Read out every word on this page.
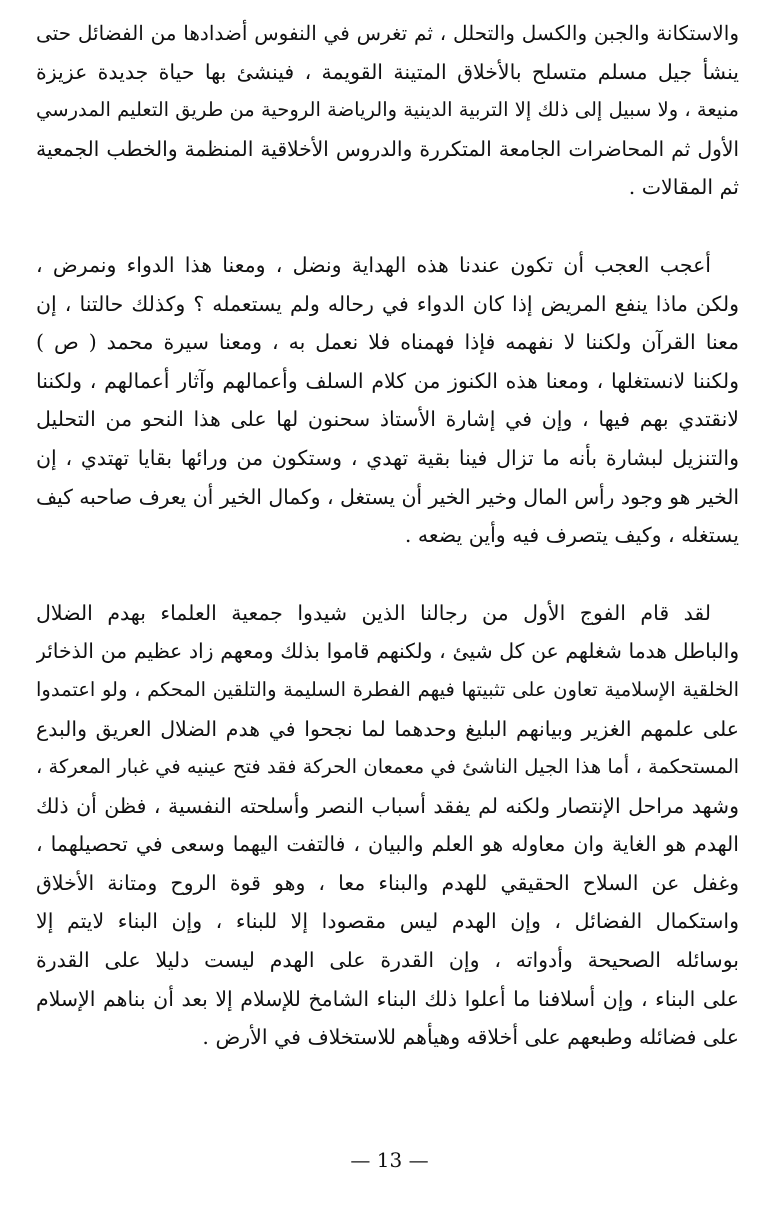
والاستكانة والجبن والكسل والتحلل ، ثم تغرس في النفوس أضدادها من الفضائل حتى
ينشأ جيل مسلم متسلح بالأخلاق المتينة القويمة ، فينشئ بها حياة جديدة عزيزة
منيعة ، ولا سبيل إلى ذلك إلا التربية الدينية والرياضة الروحية من طريق التعليم المدرسي
الأول ثم المحاضرات الجامعة المتكررة والدروس الأخلاقية المنظمة والخطب الجمعية
ثم المقالات .
أعجب العجب أن تكون عندنا هذه الهداية ونضل ، ومعنا هذا الدواء ونمرض ،
ولكن ماذا ينفع المريض إذا كان الدواء في رحاله ولم يستعمله ؟ وكذلك حالتنا ، إن
معنا القرآن ولكننا لا نفهمه فإذا فهمناه فلا نعمل به ، ومعنا سيرة محمد ( ص )
ولكننا لانستغلها ، ومعنا هذه الكنوز من كلام السلف وأعمالهم وآثار أعمالهم ، ولكننا
لانقتدي بهم فيها ، وإن في إشارة الأستاذ سحنون لها على هذا النحو من التحليل
والتنزيل لبشارة بأنه ما تزال فينا بقية تهدي ، وستكون من ورائها بقايا تهتدي ، إن
الخير هو وجود رأس المال وخير الخير أن يستغل ، وكمال الخير أن يعرف صاحبه كيف
يستغله ، وكيف يتصرف فيه وأين يضعه .
لقد قام الفوج الأول من رجالنا الذين شيدوا جمعية العلماء بهدم الضلال
والباطل هدما شغلهم عن كل شيئ ، ولكنهم قاموا بذلك ومعهم زاد عظيم من الذخائر
الخلقية الإسلامية تعاون على تثبيتها فيهم الفطرة السليمة والتلقين المحكم ، ولو اعتمدوا
على علمهم الغزير وبيانهم البليغ وحدهما لما نجحوا في هدم الضلال العريق والبدع
المستحكمة ، أما هذا الجيل الناشئ في معمعان الحركة فقد فتح عينيه في غبار المعركة ،
وشهد مراحل الإنتصار ولكنه لم يفقد أسباب النصر وأسلحته النفسية ، فظن أن ذلك
الهدم هو الغاية وان معاوله هو العلم والبيان ، فالتفت اليهما وسعى في تحصيلهما ،
وغفل عن السلاح الحقيقي للهدم والبناء معا ، وهو قوة الروح ومتانة الأخلاق
واستكمال الفضائل ، وإن الهدم ليس مقصودا إلا للبناء ، وإن البناء لايتم إلا
بوسائله الصحيحة وأدواته ، وإن القدرة على الهدم ليست دليلا على القدرة
على البناء ، وإن أسلافنا ما أعلوا ذلك البناء الشامخ للإسلام إلا بعد أن بناهم الإسلام
على فضائله وطبعهم على أخلاقه وهيأهم للاستخلاف في الأرض .
— 13 —
